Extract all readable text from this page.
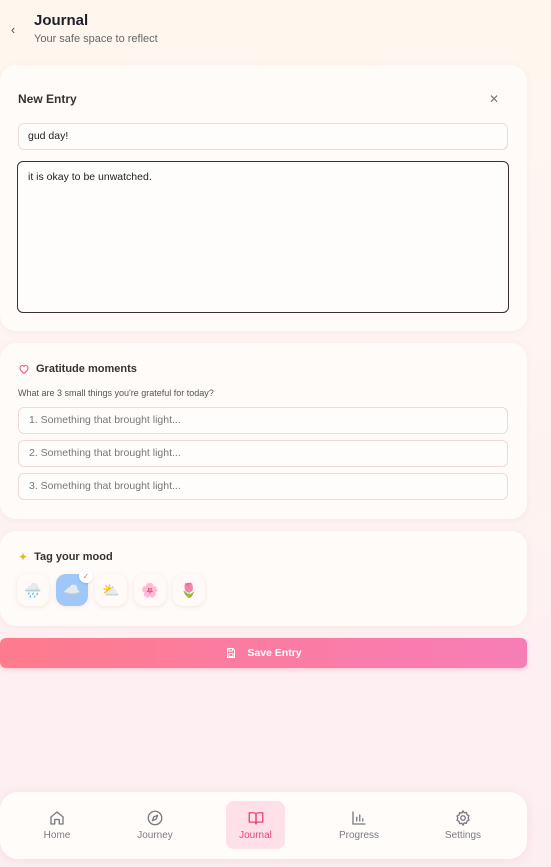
‹	Journal
Your safe space to reflect
New Entry	✕
gud day!
it is okay to be unwatched.
Gratitude moments
What are 3 small things you're grateful for today?
1. Something that brought light...
2. Something that brought light...
3. Something that brought light...
✦ Tag your mood
🌧️ ☁️
✓
⛅ 🌸 🌷
Save Entry
Home	Journey	Journal	Progress	Settings
